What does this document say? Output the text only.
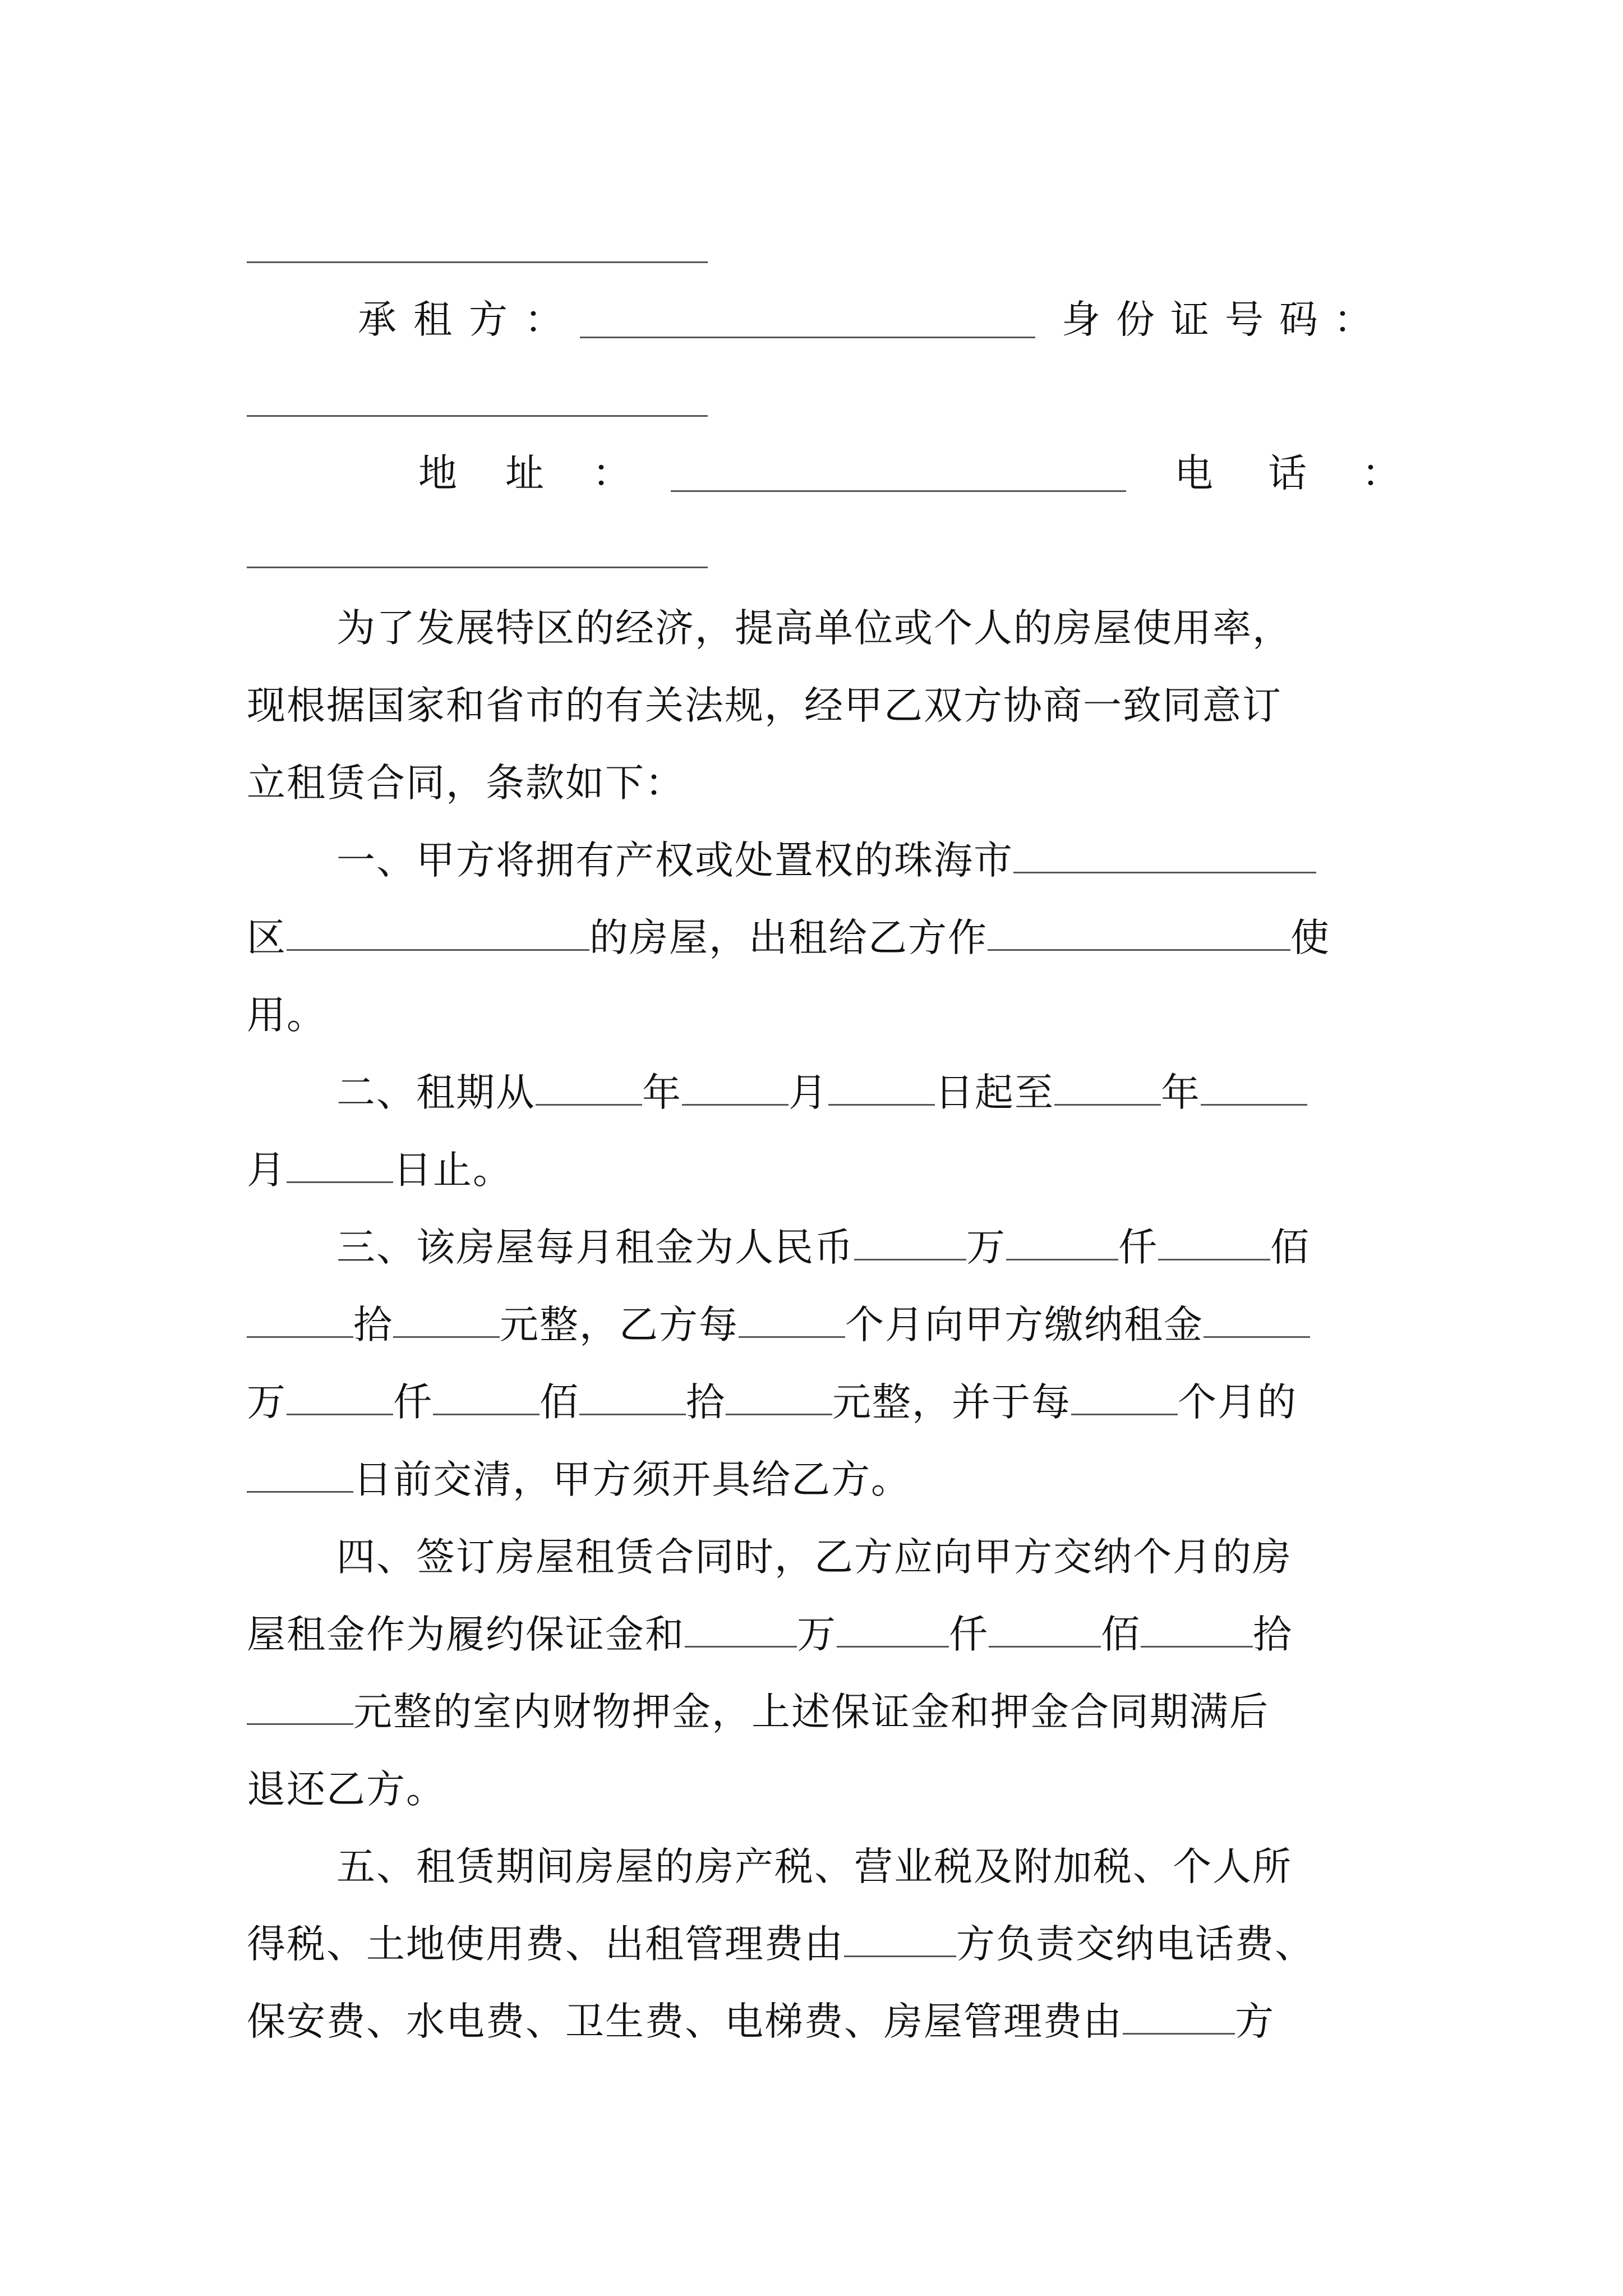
承租方：	身份证号码：
地址：	电话：
为了发展特区的经济，提高单位或个人的房屋使用率，
现根据国家和省市的有关法规，经甲乙双方协商一致同意订
立租赁合同，条款如下：
一、甲方将拥有产权或处置权的珠海市
区	的房屋，出租给乙方作	使
用。
二、租期从	年	月	日起至	年
月	日止。
三、该房屋每月租金为人民币	万	仟	佰
拾	元整，乙方每	个月向甲方缴纳租金
万	仟	佰	拾	元整，并于每	个月的
日前交清，甲方须开具给乙方。
四、签订房屋租赁合同时，乙方应向甲方交纳个月的房
屋租金作为履约保证金和	万	仟	佰	拾
元整的室内财物押金，上述保证金和押金合同期满后
退还乙方。
五、租赁期间房屋的房产税、营业税及附加税、个人所
得税、土地使用费、出租管理费由	方负责交纳电话费、
保安费、水电费、卫生费、电梯费、房屋管理费由	方
